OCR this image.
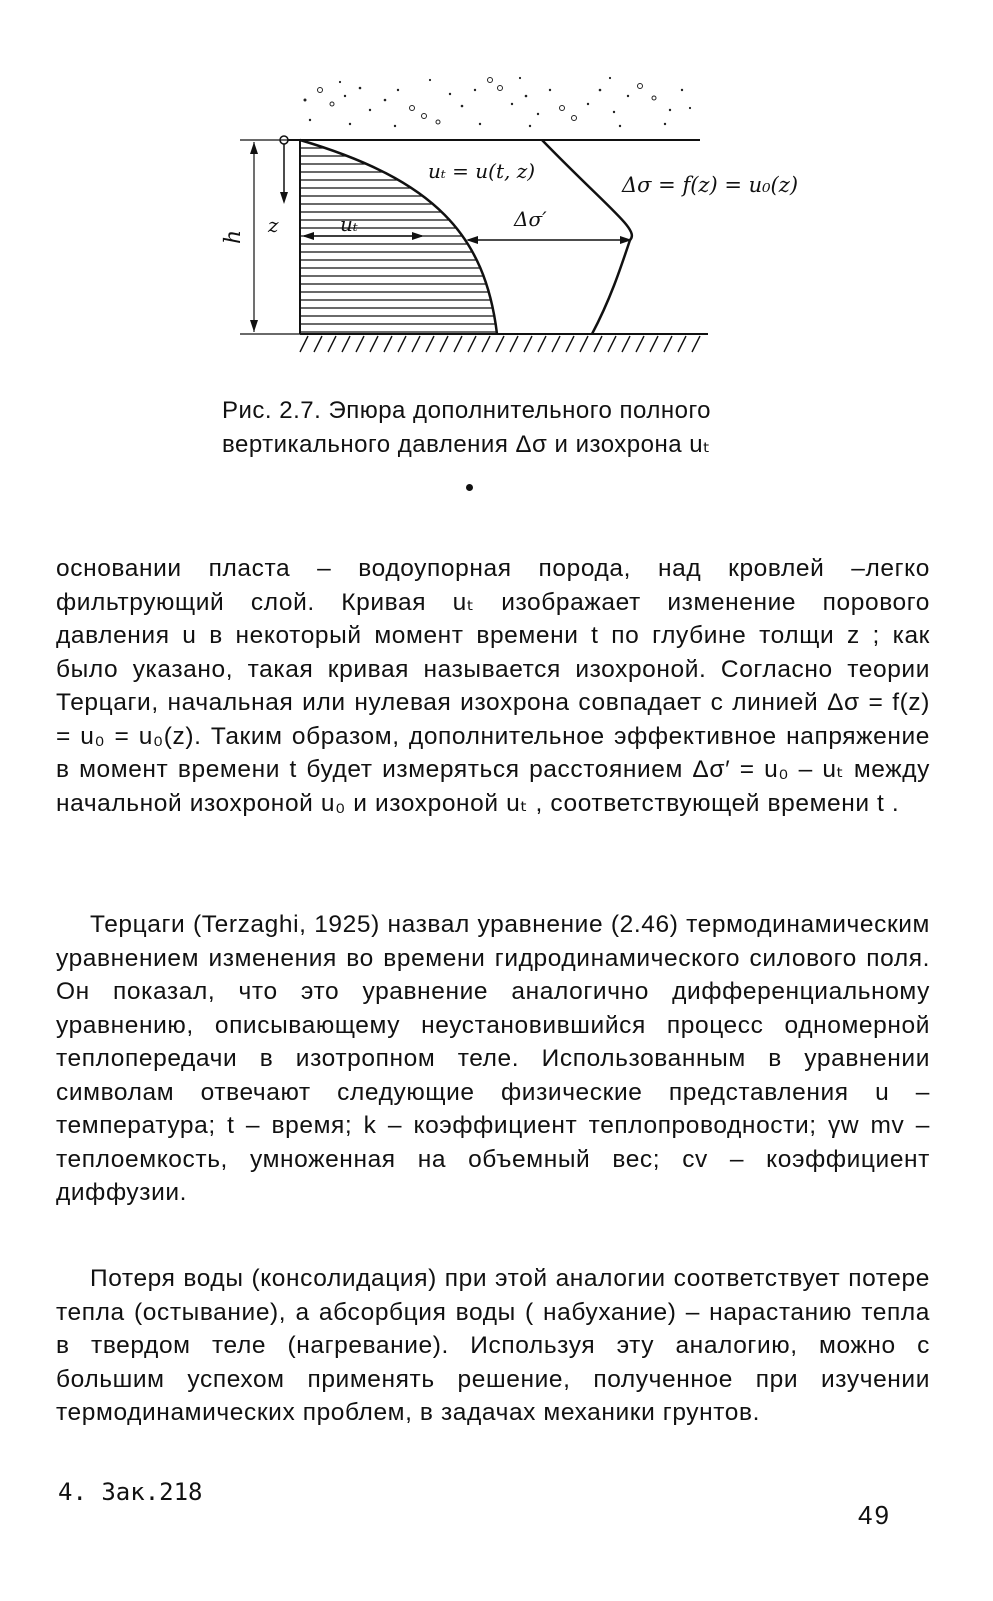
h z	uₜ
uₜ = u(t, z)
Δσ = f(z) = u₀(z)
Δσ′
Рис. 2.7. Эпюра дополнительного полного
вертикального давления Δσ и изохрона uₜ

основании пласта – водоупорная порода, над кровлей –легко фильтрующий слой. Кривая uₜ изображает изменение порового давления u в некоторый момент времени t по глубине толщи z ; как было указано, такая кривая называется изохроной. Согласно теории Терцаги, начальная или нулевая изохрона совпадает с линией Δσ = f(z) = u₀ = u₀(z). Таким образом, дополнительное эффективное напряжение в момент времени t будет измеряться расстоянием Δσ′ = u₀ – uₜ между начальной изохроной u₀ и изохроной uₜ , соответствующей времени t .

Терцаги (Terzaghi, 1925) назвал уравнение (2.46) термодинамическим уравнением изменения во времени гидродинамического силового поля. Он показал, что это уравнение аналогично дифференциальному уравнению, описывающему неустановившийся процесс одномерной теплопередачи в изотропном теле. Использованным в уравнении символам отвечают следующие физические представления u – температура; t – время; k – коэффициент теплопроводности; γw mv – теплоемкость, умноженная на объемный вес; cv – коэффициент диффузии.

Потеря воды (консолидация) при этой аналогии соответствует потере тепла (остывание), а абсорбция воды ( набухание) – нарастанию тепла в твердом теле (нагревание). Используя эту аналогию, можно с большим успехом применять решение, полученное при изучении термодинамических проблем, в задачах механики грунтов.

4. Зак.218
49
